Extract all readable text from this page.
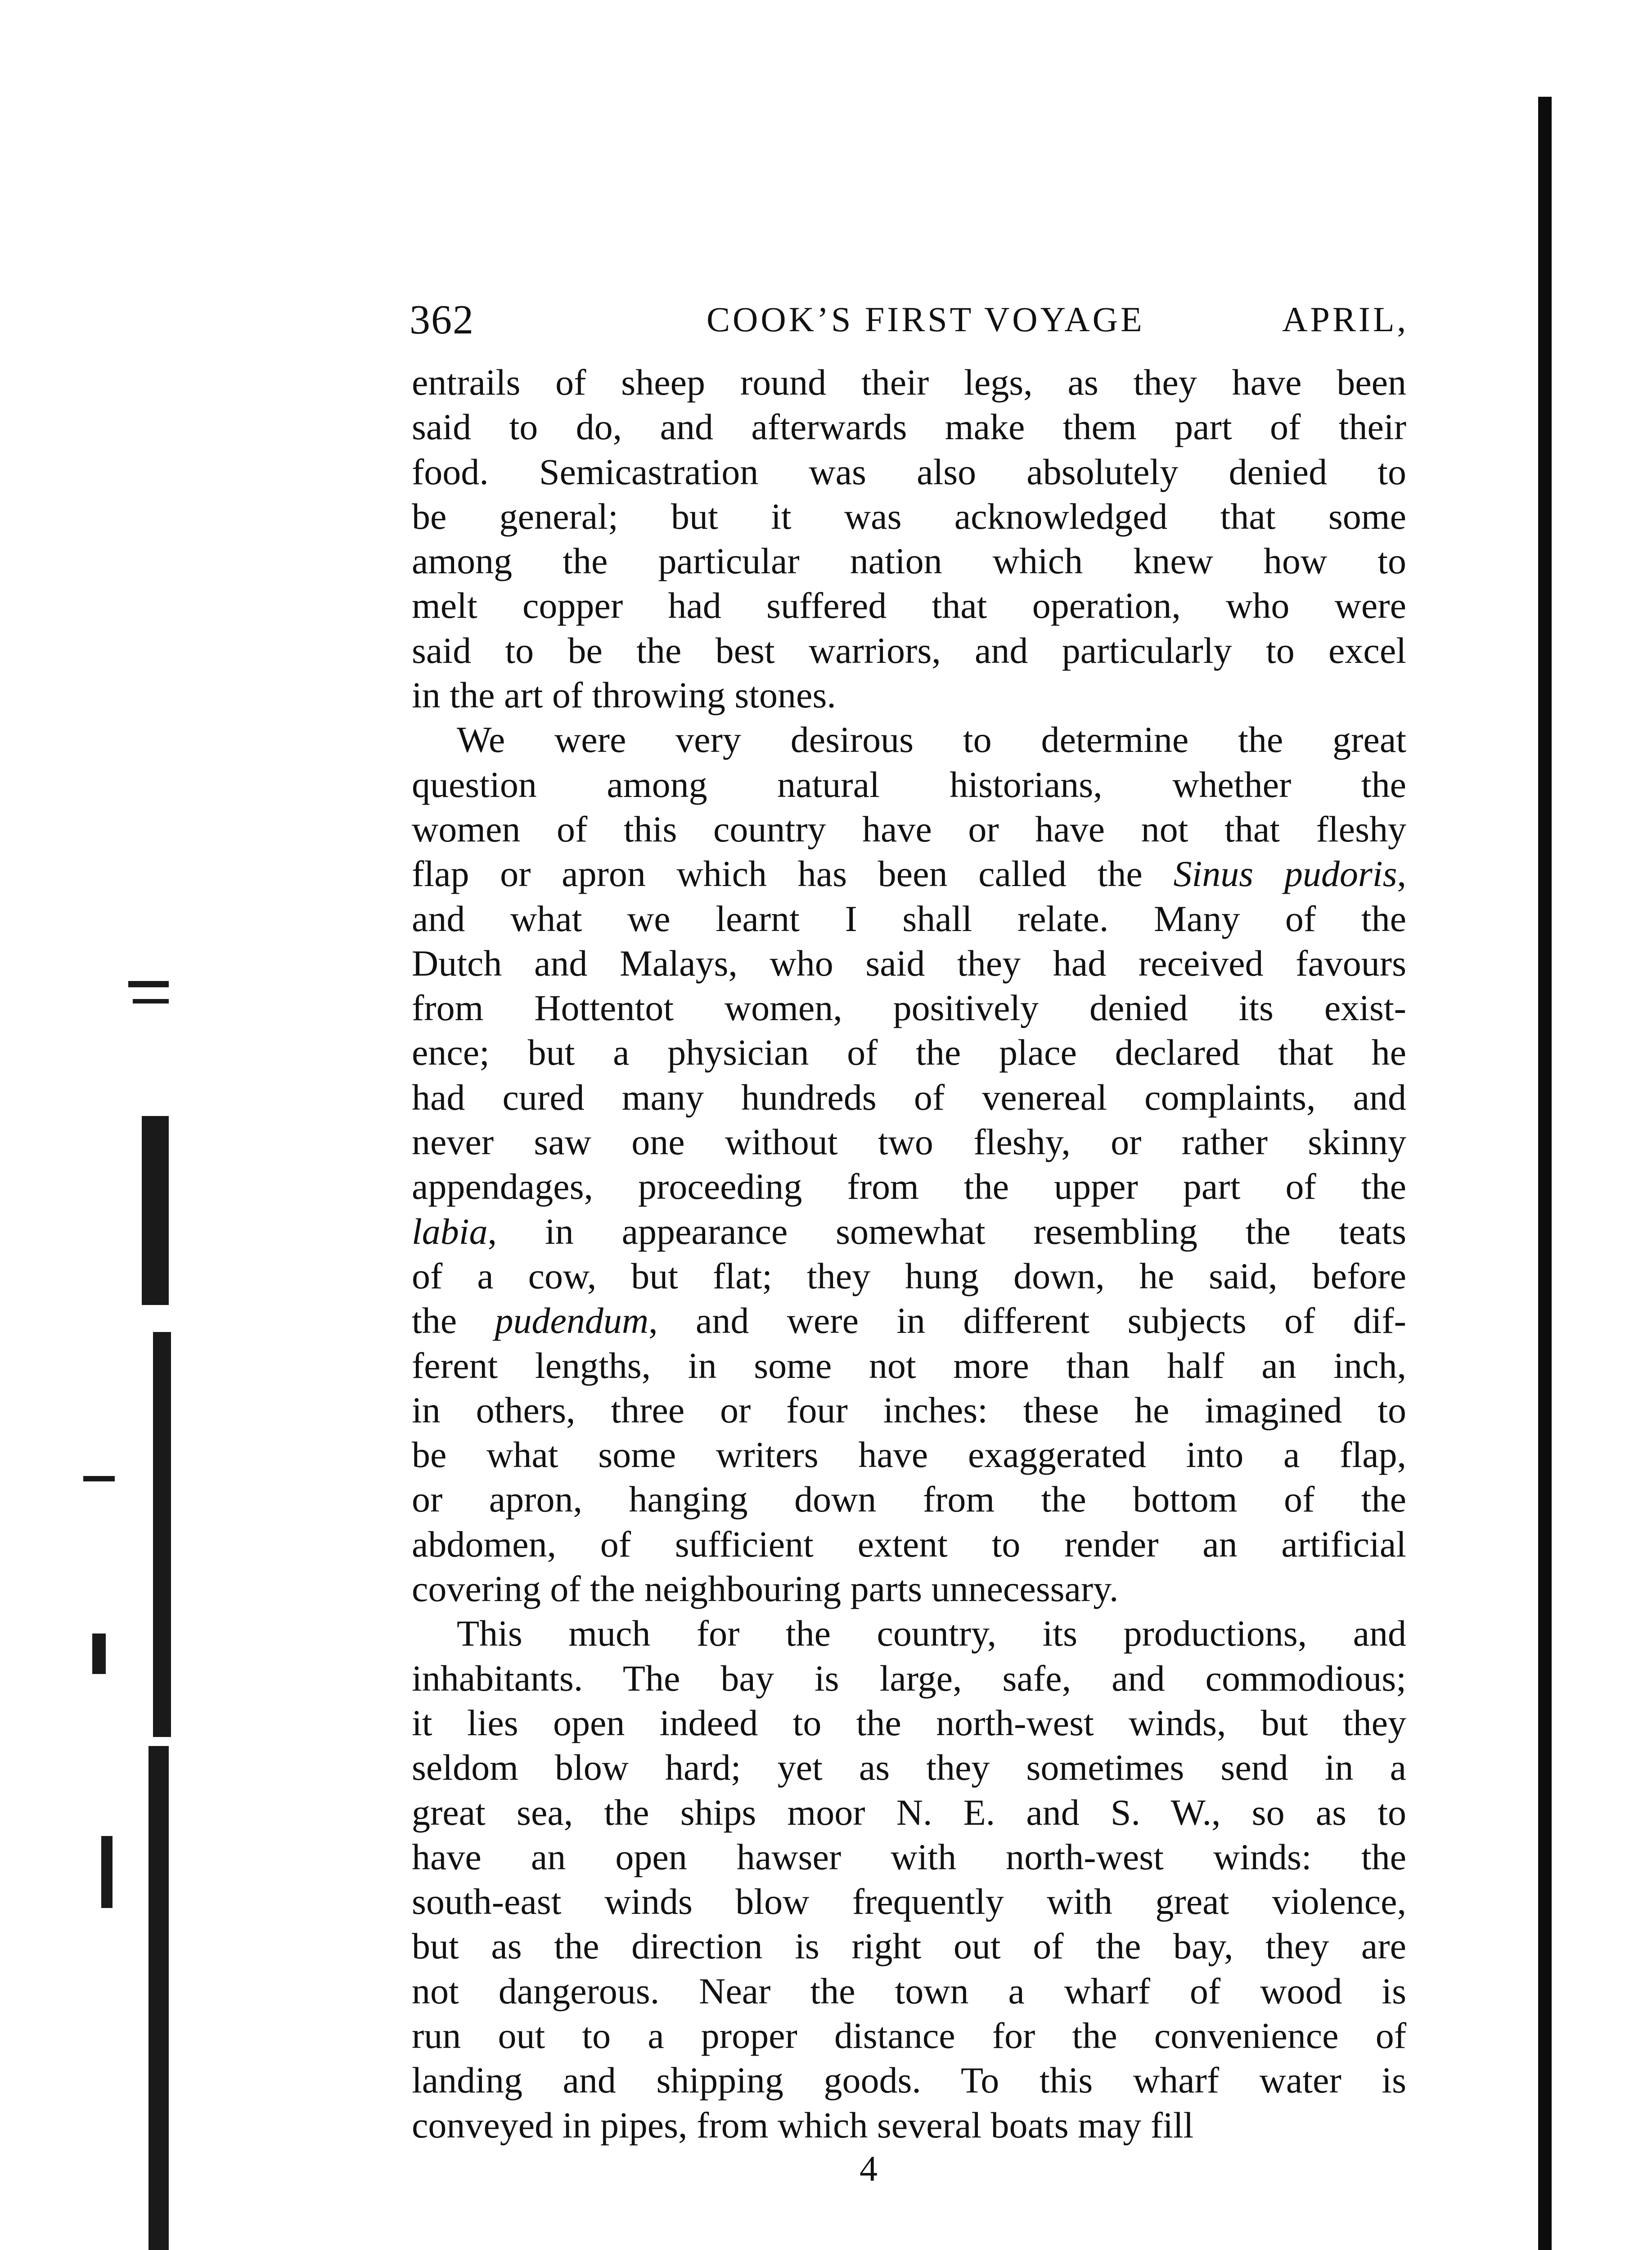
362	COOK’S FIRST VOYAGE	APRIL,
entrails of sheep round their legs, as they have been
said to do, and afterwards make them part of their
food. Semicastration was also absolutely denied to
be general; but it was acknowledged that some
among the particular nation which knew how to
melt copper had suffered that operation, who were
said to be the best warriors, and particularly to excel
in the art of throwing stones.
We were very desirous to determine the great
question among natural historians, whether the
women of this country have or have not that fleshy
flap or apron which has been called the Sinus pudoris,
and what we learnt I shall relate. Many of the
Dutch and Malays, who said they had received favours
from Hottentot women, positively denied its exist-
ence; but a physician of the place declared that he
had cured many hundreds of venereal complaints, and
never saw one without two fleshy, or rather skinny
appendages, proceeding from the upper part of the
labia, in appearance somewhat resembling the teats
of a cow, but flat; they hung down, he said, before
the pudendum, and were in different subjects of dif-
ferent lengths, in some not more than half an inch,
in others, three or four inches: these he imagined to
be what some writers have exaggerated into a flap,
or apron, hanging down from the bottom of the
abdomen, of sufficient extent to render an artificial
covering of the neighbouring parts unnecessary.
This much for the country, its productions, and
inhabitants. The bay is large, safe, and commodious;
it lies open indeed to the north-west winds, but they
seldom blow hard; yet as they sometimes send in a
great sea, the ships moor N. E. and S. W., so as to
have an open hawser with north-west winds: the
south-east winds blow frequently with great violence,
but as the direction is right out of the bay, they are
not dangerous. Near the town a wharf of wood is
run out to a proper distance for the convenience of
landing and shipping goods. To this wharf water is
conveyed in pipes, from which several boats may fill
4
